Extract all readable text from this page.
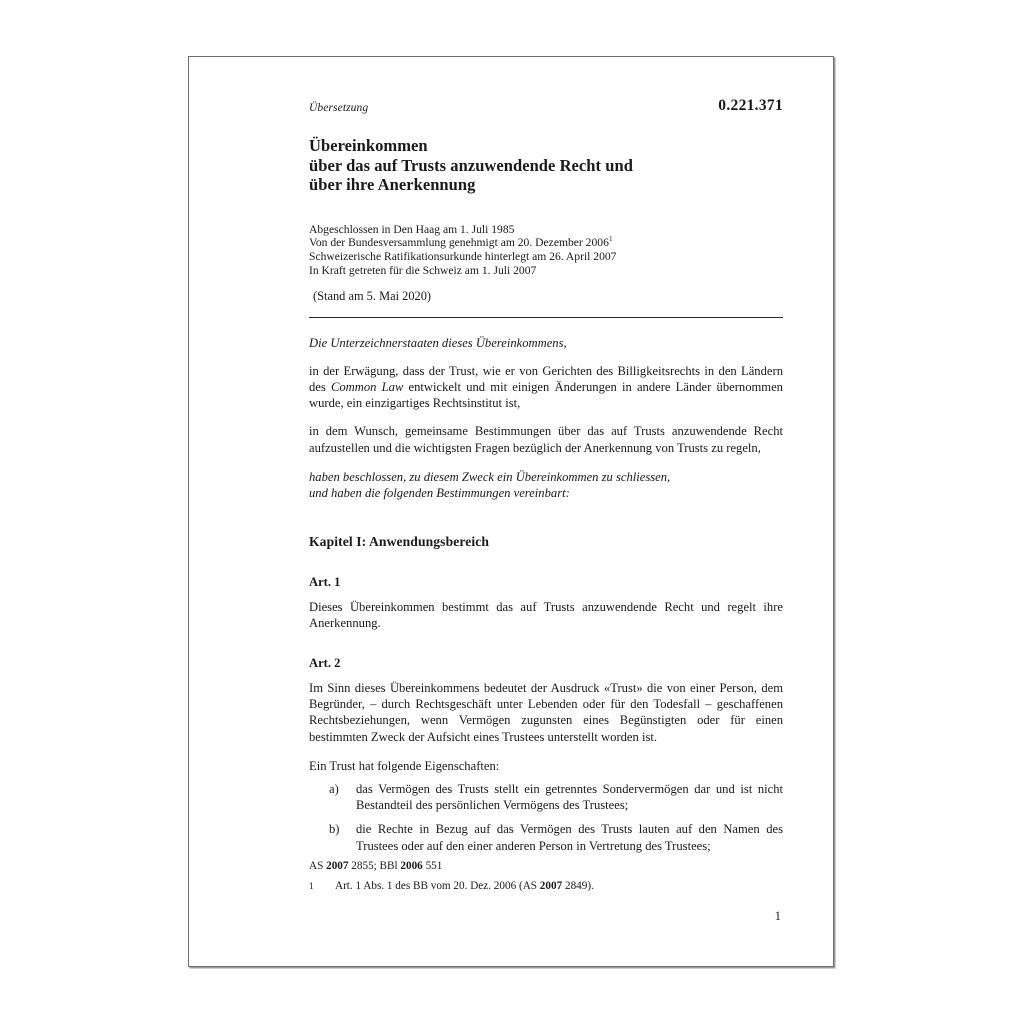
Übersetzung	0.221.371
Übereinkommen
über das auf Trusts anzuwendende Recht und
über ihre Anerkennung
Abgeschlossen in Den Haag am 1. Juli 1985
Von der Bundesversammlung genehmigt am 20. Dezember 2006$^1$
Schweizerische Ratifikationsurkunde hinterlegt am 26. April 2007
In Kraft getreten für die Schweiz am 1. Juli 2007
(Stand am 5. Mai 2020)
Die Unterzeichnerstaaten dieses Übereinkommens,
in der Erwägung, dass der Trust, wie er von Gerichten des Billigkeitsrechts in den Ländern des Common Law entwickelt und mit einigen Änderungen in andere Länder übernommen wurde, ein einzigartiges Rechtsinstitut ist,
in dem Wunsch, gemeinsame Bestimmungen über das auf Trusts anzuwendende Recht aufzustellen und die wichtigsten Fragen bezüglich der Anerkennung von Trusts zu regeln,
haben beschlossen, zu diesem Zweck ein Übereinkommen zu schliessen,
und haben die folgenden Bestimmungen vereinbart:
Kapitel I: Anwendungsbereich
Art. 1
Dieses Übereinkommen bestimmt das auf Trusts anzuwendende Recht und regelt ihre Anerkennung.
Art. 2
Im Sinn dieses Übereinkommens bedeutet der Ausdruck «Trust» die von einer Person, dem Begründer, – durch Rechtsgeschäft unter Lebenden oder für den Todesfall – geschaffenen Rechtsbeziehungen, wenn Vermögen zugunsten eines Begünstigten oder für einen bestimmten Zweck der Aufsicht eines Trustees unterstellt worden ist.
Ein Trust hat folgende Eigenschaften:
a)	das Vermögen des Trusts stellt ein getrenntes Sondervermögen dar und ist nicht Bestandteil des persönlichen Vermögens des Trustees;
b)	die Rechte in Bezug auf das Vermögen des Trusts lauten auf den Namen des Trustees oder auf den einer anderen Person in Vertretung des Trustees;
AS 2007 2855; BBl 2006 551
1	Art. 1 Abs. 1 des BB vom 20. Dez. 2006 (AS 2007 2849).
1
